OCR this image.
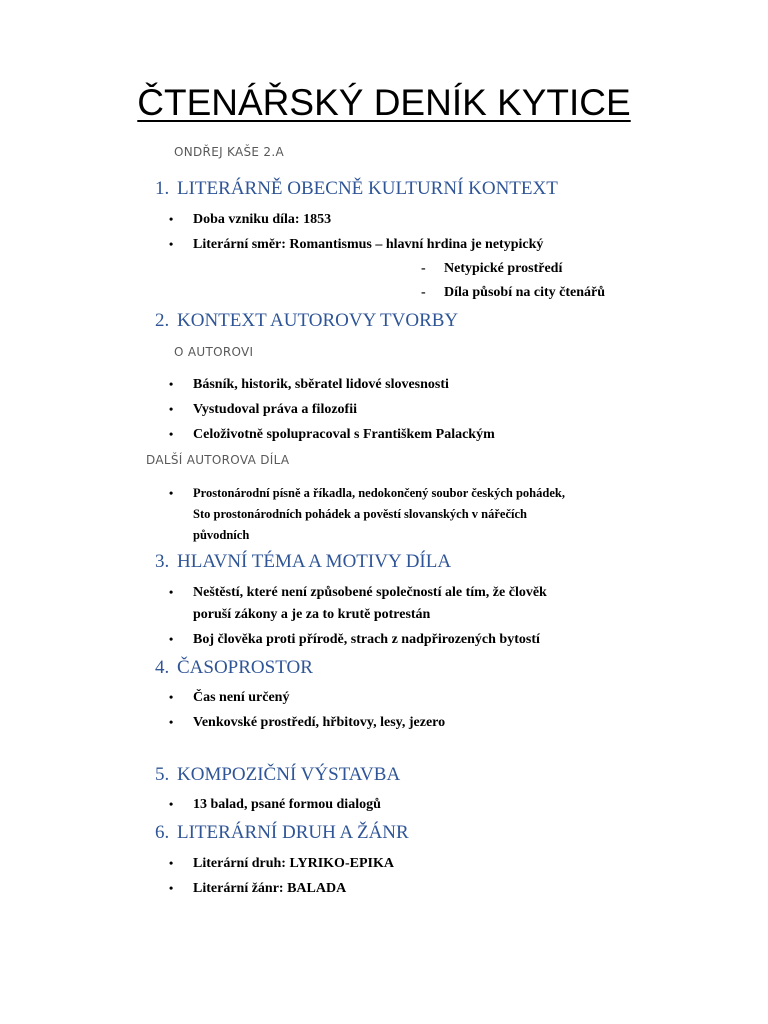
ČTENÁŘSKÝ DENÍK KYTICE
ONDŘEJ KAŠE 2.A
1. LITERÁRNĚ OBECNĚ KULTURNÍ KONTEXT
• Doba vzniku díla: 1853
• Literární směr: Romantismus – hlavní hrdina je netypický
- Netypické prostředí
- Díla působí na city čtenářů
2. KONTEXT AUTOROVY TVORBY
O AUTOROVI
• Básník, historik, sběratel lidové slovesnosti
• Vystudoval práva a filozofii
• Celoživotně spolupracoval s Františkem Palackým
DALŠÍ AUTOROVA DÍLA
• Prostonárodní písně a říkadla, nedokončený soubor českých pohádek,
Sto prostonárodních pohádek a pověstí slovanských v nářečích
původních
3. HLAVNÍ TÉMA A MOTIVY DÍLA
• Neštěstí, které není způsobené společností ale tím, že člověk
poruší zákony a je za to krutě potrestán
• Boj člověka proti přírodě, strach z nadpřirozených bytostí
4. ČASOPROSTOR
• Čas není určený
• Venkovské prostředí, hřbitovy, lesy, jezero
5. KOMPOZIČNÍ VÝSTAVBA
• 13 balad, psané formou dialogů
6. LITERÁRNÍ DRUH A ŽÁNR
• Literární druh: LYRIKO-EPIKA
• Literární žánr: BALADA
